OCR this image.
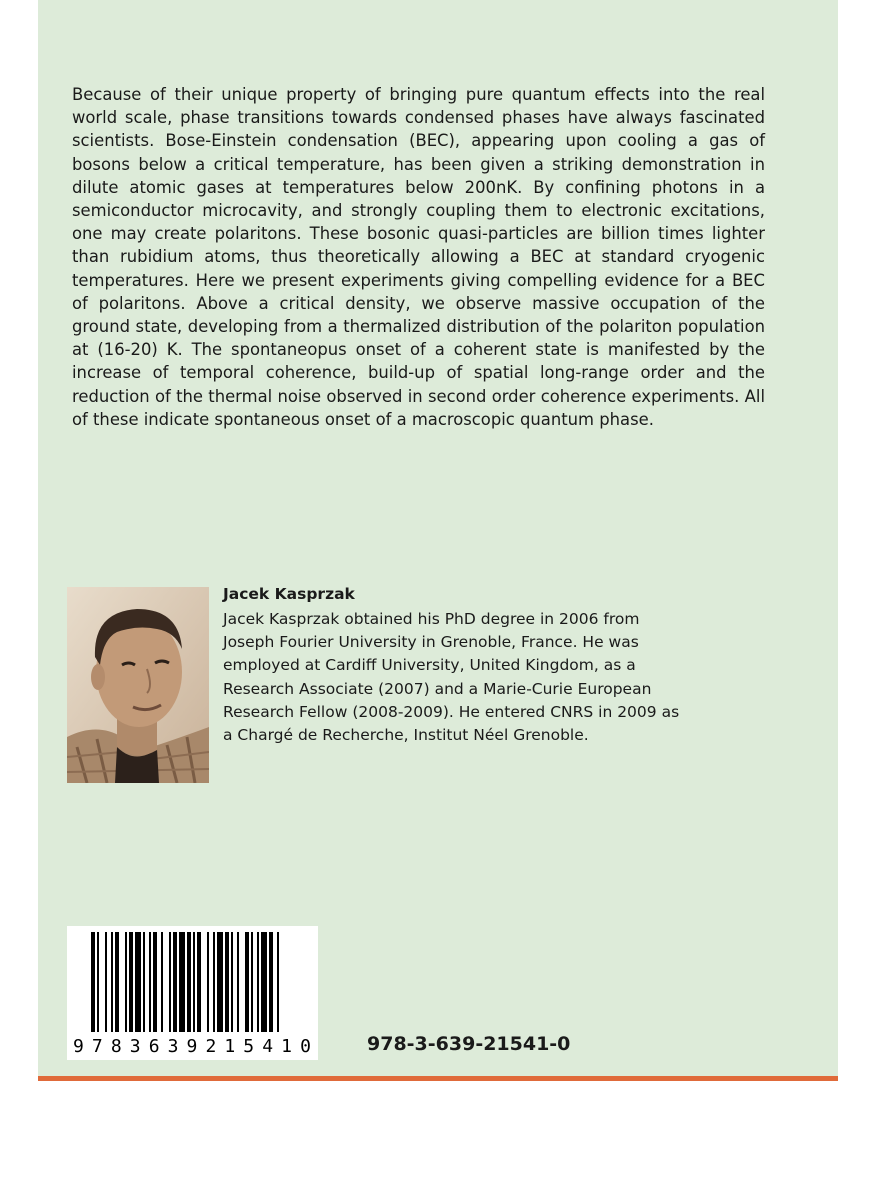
Because of their unique property of bringing pure quantum effects into the real world scale, phase transitions towards condensed phases have always fascinated scientists. Bose-Einstein condensation (BEC), appearing upon cooling a gas of bosons below a critical temperature, has been given a striking demonstration in dilute atomic gases at temperatures below 200nK. By confining photons in a semiconductor microcavity, and strongly coupling them to electronic excitations, one may create polaritons. These bosonic quasi-particles are billion times lighter than rubidium atoms, thus theoretically allowing a BEC at standard cryogenic temperatures. Here we present experiments giving compelling evidence for a BEC of polaritons. Above a critical density, we observe massive occupation of the ground state, developing from a thermalized distribution of the polariton population at (16-20) K. The spontaneopus onset of a coherent state is manifested by the increase of temporal coherence, build-up of spatial long-range order and the reduction of the thermal noise observed in second order coherence experiments. All of these indicate spontaneous onset of a macroscopic quantum phase.

Jacek Kasprzak

Jacek Kasprzak obtained his PhD degree in 2006 from
Joseph Fourier University in Grenoble, France. He was
employed at Cardiff University, United Kingdom, as a
Research Associate (2007) and a Marie-Curie European
Research Fellow (2008-2009). He entered CNRS in 2009 as
a Chargé de Recherche, Institut Néel Grenoble.

9 7 8 3 6 3 9 2 1 5 4 1 0	978-3-639-21541-0
